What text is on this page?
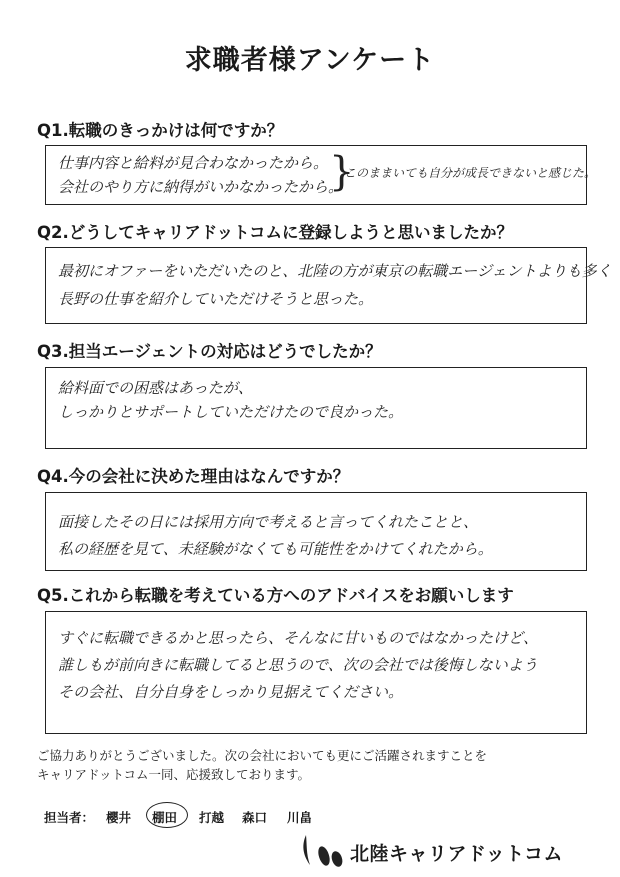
求職者様アンケート
Q1.転職のきっかけは何ですか？
仕事内容と給料が見合わなかったから。
会社のやり方に納得がいかなかったから。
}
このままいても自分が成長できないと感じた。
Q2.どうしてキャリアドットコムに登録しようと思いましたか？
最初にオファーをいただいたのと、北陸の方が東京の転職エージェントよりも多く
長野の仕事を紹介していただけそうと思った。
Q3.担当エージェントの対応はどうでしたか？
給料面での困惑はあったが、
しっかりとサポートしていただけたので良かった。
Q4.今の会社に決めた理由はなんですか？
面接したその日には採用方向で考えると言ってくれたことと、
私の経歴を見て、未経験がなくても可能性をかけてくれたから。
Q5.これから転職を考えている方へのアドバイスをお願いします
すぐに転職できるかと思ったら、そんなに甘いものではなかったけど、
誰しもが前向きに転職してると思うので、次の会社では後悔しないよう
その会社、自分自身をしっかり見据えてください。
ご協力ありがとうございました。次の会社においても更にご活躍されますことを
キャリアドットコム一同、応援致しております。
担当者： 櫻井 棚田 打越 森口 川畠
北陸キャリアドットコム
